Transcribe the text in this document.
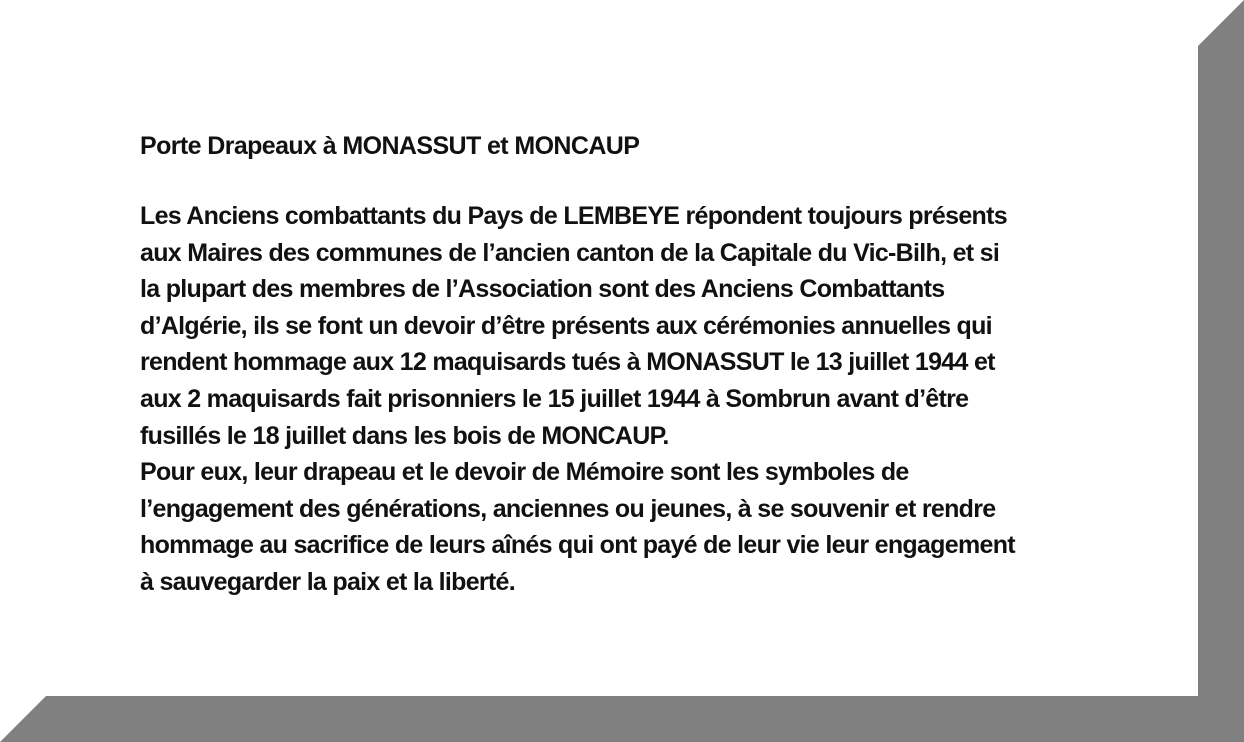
Porte Drapeaux à MONASSUT et MONCAUP

Les Anciens combattants du Pays de LEMBEYE répondent toujours présents
aux Maires des communes de l’ancien canton de la Capitale du Vic-Bilh, et si
la plupart des membres de l’Association sont des Anciens Combattants
d’Algérie, ils se font un devoir d’être présents aux cérémonies annuelles qui
rendent hommage aux 12 maquisards tués à MONASSUT le 13 juillet 1944 et
aux 2 maquisards fait prisonniers le 15 juillet 1944 à Sombrun avant d’être
fusillés le 18 juillet dans les bois de MONCAUP.
Pour eux, leur drapeau et le devoir de Mémoire sont les symboles de
l’engagement des générations, anciennes ou jeunes, à se souvenir et rendre
hommage au sacrifice de leurs aînés qui ont payé de leur vie leur engagement
à sauvegarder la paix et la liberté.
